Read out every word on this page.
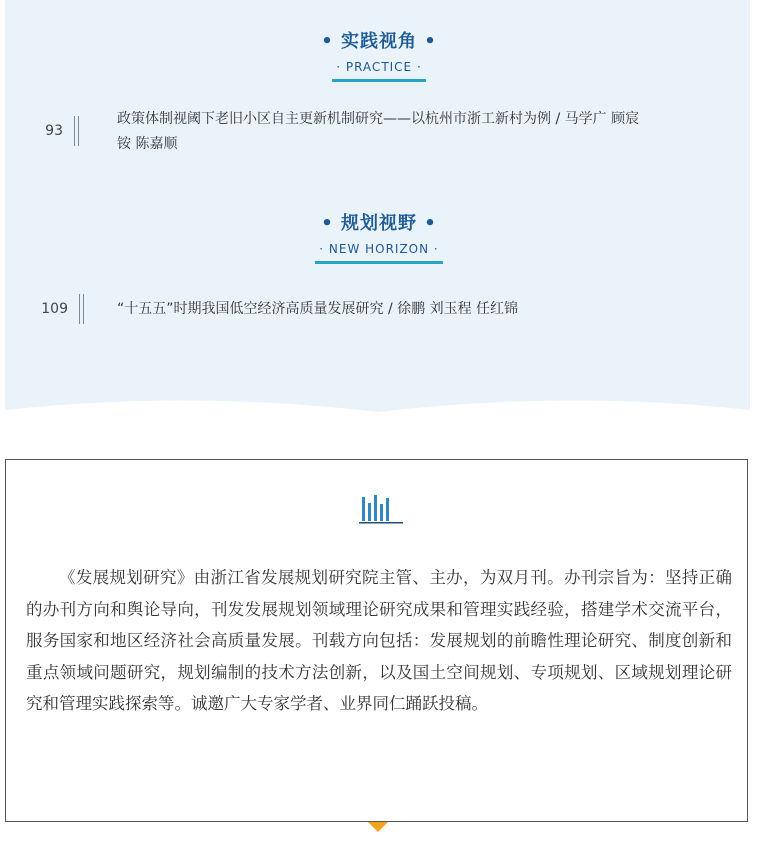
• 实践视角 •
· PRACTICE ·
93
政策体制视阈下老旧小区自主更新机制研究——以杭州市浙工新村为例 / 马学广 顾宸
铵 陈嘉顺
• 规划视野 •
· NEW HORIZON ·
109	“十五五”时期我国低空经济高质量发展研究 / 徐鹏 刘玉程 任红锦
《发展规划研究》由浙江省发展规划研究院主管、主办，为双月刊。办刊宗旨为：坚持正确的办刊方向和舆论导向，刊发发展规划领域理论研究成果和管理实践经验，搭建学术交流平台，服务国家和地区经济社会高质量发展。刊载方向包括：发展规划的前瞻性理论研究、制度创新和重点领域问题研究，规划编制的技术方法创新，以及国土空间规划、专项规划、区域规划理论研究和管理实践探索等。诚邀广大专家学者、业界同仁踊跃投稿。
